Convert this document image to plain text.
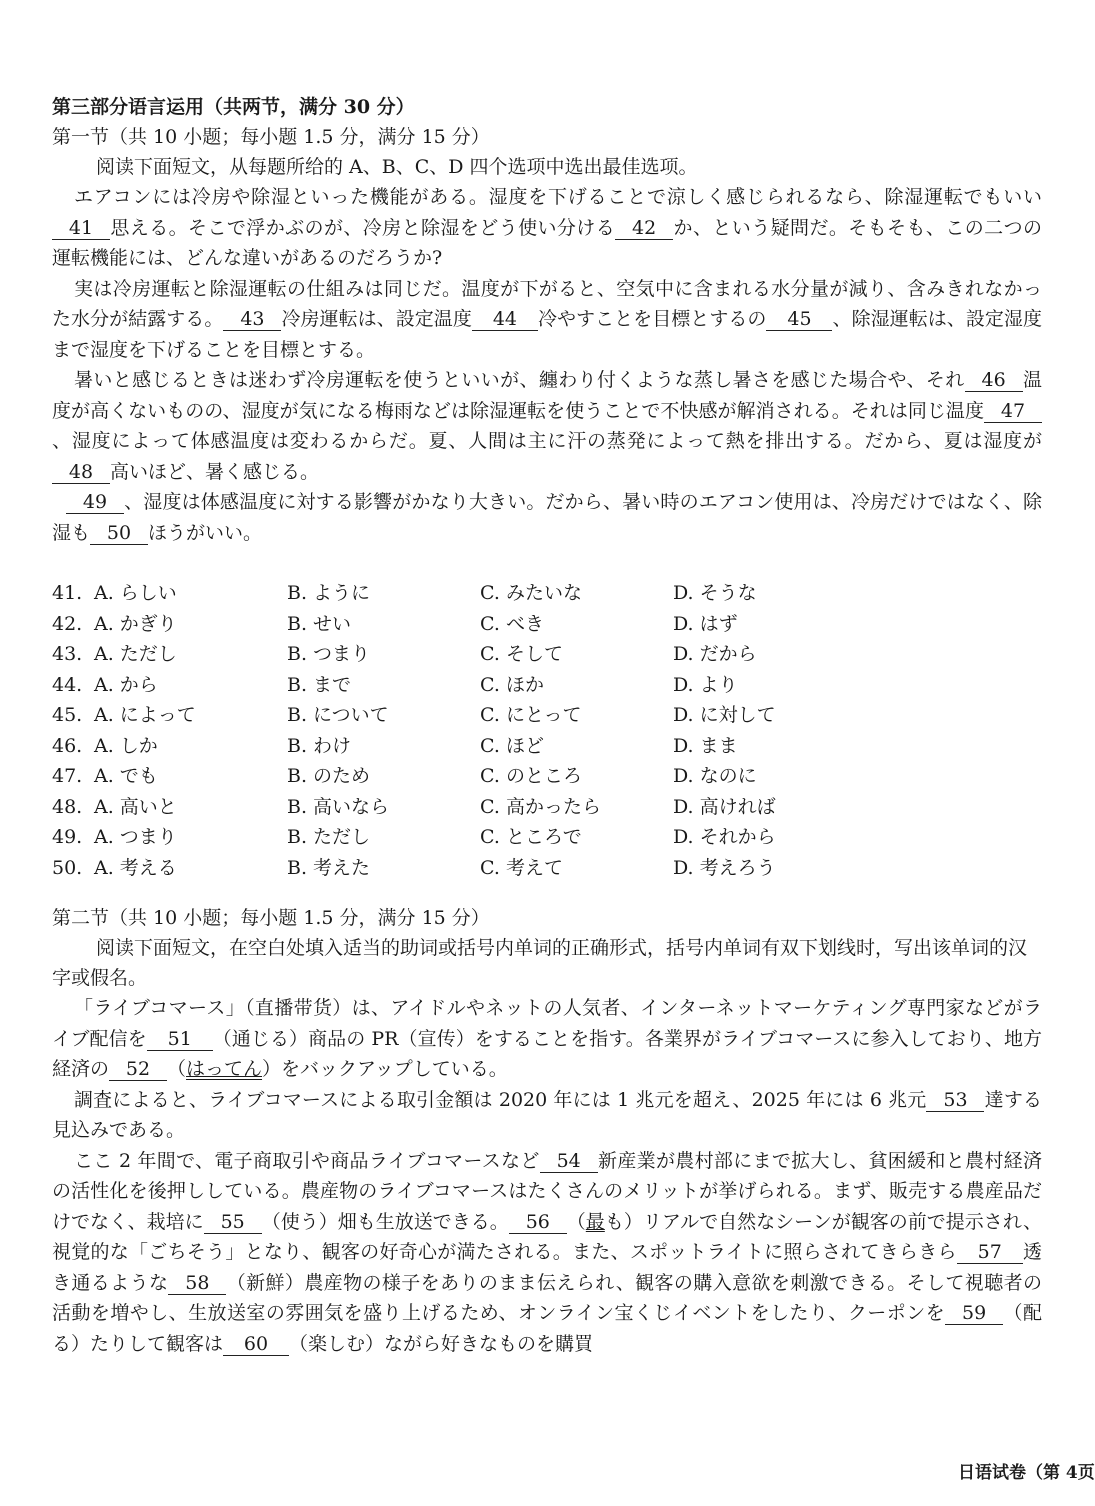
第三部分语言运用（共两节，满分 30 分）
第一节（共 10 小题；每小题 1.5 分，满分 15 分）
阅读下面短文，从每题所给的 A、B、C、D 四个选项中选出最佳选项。

エアコンには冷房や除湿といった機能がある。湿度を下げることで涼しく感じられるなら、除湿運転でもいい41 思える。そこで浮かぶのが、冷房と除湿をどう使い分ける 42 か、という疑問だ。そもそも、この二つの運転機能には、どんな違いがあるのだろうか?

実は冷房運転と除湿運転の仕組みは同じだ。温度が下がると、空気中に含まれる水分量が減り、含みきれなかった水分が結露する。 43 冷房運転は、設定温度 44 冷やすことを目標とするの 45 、除湿運転は、設定湿度まで湿度を下げることを目標とする。

暑いと感じるときは迷わず冷房運転を使うといいが、纏わり付くような蒸し暑さを感じた場合や、それ 46 温度が高くないものの、湿度が気になる梅雨などは除湿運転を使うことで不快感が解消される。それは同じ温度 47、湿度によって体感温度は変わるからだ。夏、人間は主に汗の蒸発によって熱を排出する。だから、夏は湿度が48 高いほど、暑く感じる。

49 、湿度は体感温度に対する影響がかなり大きい。だから、暑い時のエアコン使用は、冷房だけではなく、除湿も 50 ほうがいい。

41. A. らしい	B. ように	C. みたいな	D. そうな
42. A. かぎり	B. せい	C. べき	D. はず
43. A. ただし	B. つまり	C. そして	D. だから
44. A. から	B. まで	C. ほか	D. より
45. A. によって	B. について	C. にとって	D. に対して
46. A. しか	B. わけ	C. ほど	D. まま
47. A. でも	B. のため	C. のところ	D. なのに
48. A. 高いと	B. 高いなら	C. 高かったら	D. 高ければ
49. A. つまり	B. ただし	C. ところで	D. それから
50. A. 考える	B. 考えた	C. 考えて	D. 考えろう
第二节（共 10 小题；每小题 1.5 分，满分 15 分）
阅读下面短文，在空白处填入适当的助词或括号内单词的正确形式，括号内单词有双下划线时，写出该单词的汉字或假名。

「ライブコマース」（直播带货）は、アイドルやネットの人気者、インターネットマーケティング専門家などがライブ配信を 51 （通じる）商品の PR（宣传）をすることを指す。各業界がライブコマースに参入しており、地方経済の 52 （はってん）をバックアップしている。

調査によると、ライブコマースによる取引金額は 2020 年には 1 兆元を超え、2025 年には 6 兆元 53 達する見込みである。

ここ 2 年間で、電子商取引や商品ライブコマースなど 54 新産業が農村部にまで拡大し、貧困緩和と農村経済の活性化を後押ししている。農産物のライブコマースはたくさんのメリットが挙げられる。まず、販売する農産品だけでなく、栽培に 55 （使う）畑も生放送できる。 56 （最も）リアルで自然なシーンが観客の前で提示され、視覚的な「ごちそう」となり、観客の好奇心が満たされる。また、スポットライトに照らされてきらきら 57 透き通るような 58 （新鮮）農産物の様子をありのまま伝えられ、観客の購入意欲を刺激できる。そして視聴者の活動を増やし、生放送室の雰囲気を盛り上げるため、オンライン宝くじイベントをしたり、クーポンを 59 （配る）たりして観客は 60 （楽しむ）ながら好きなものを購買

日语试卷（第 4页
